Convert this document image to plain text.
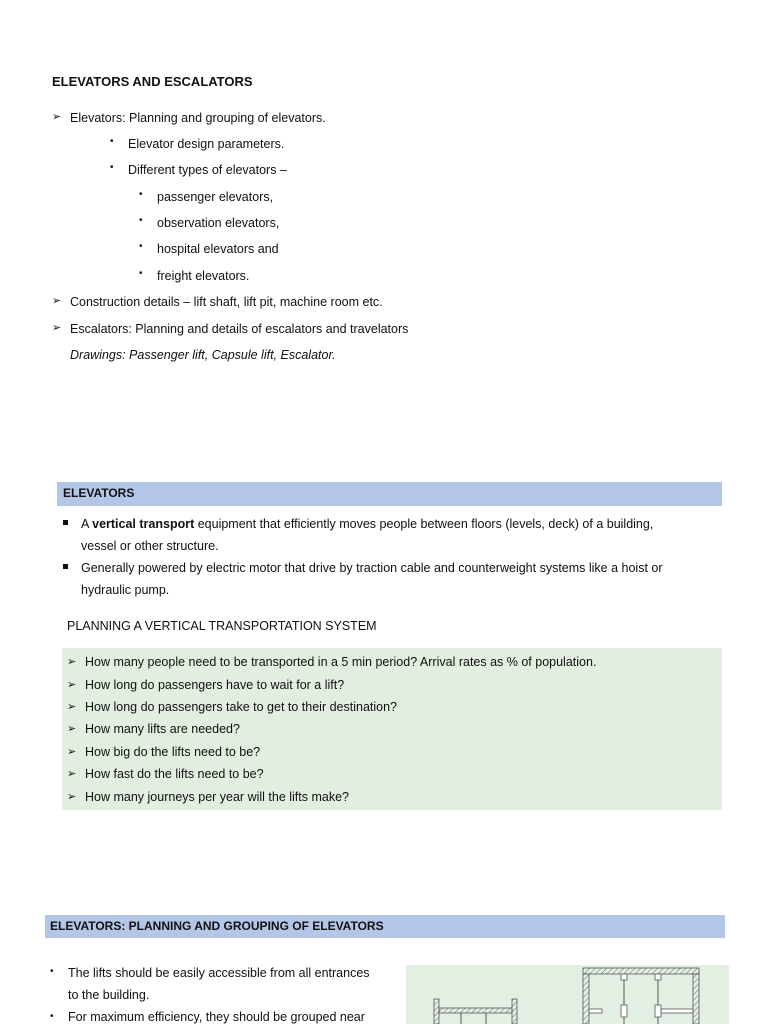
ELEVATORS AND ESCALATORS
➢ Elevators: Planning and grouping of elevators.
• Elevator design parameters.
• Different types of elevators –
• passenger elevators,
• observation elevators,
• hospital elevators and
• freight elevators.
➢ Construction details – lift shaft, lift pit, machine room etc.
➢ Escalators: Planning and details of escalators and travelators
Drawings: Passenger lift, Capsule lift, Escalator.
ELEVATORS
A vertical transport equipment that efficiently moves people between floors (levels, deck) of a building,
vessel or other structure.
Generally powered by electric motor that drive by traction cable and counterweight systems like a hoist or
hydraulic pump.
PLANNING A VERTICAL TRANSPORTATION SYSTEM
➢ How many people need to be transported in a 5 min period? Arrival rates as % of population.
➢ How long do passengers have to wait for a lift?
➢ How long do passengers take to get to their destination?
➢ How many lifts are needed?
➢ How big do the lifts need to be?
➢ How fast do the lifts need to be?
➢ How many journeys per year will the lifts make?
ELEVATORS: PLANNING AND GROUPING OF ELEVATORS
• The lifts should be easily accessible from all entrances
to the building.
• For maximum efficiency, they should be grouped near
